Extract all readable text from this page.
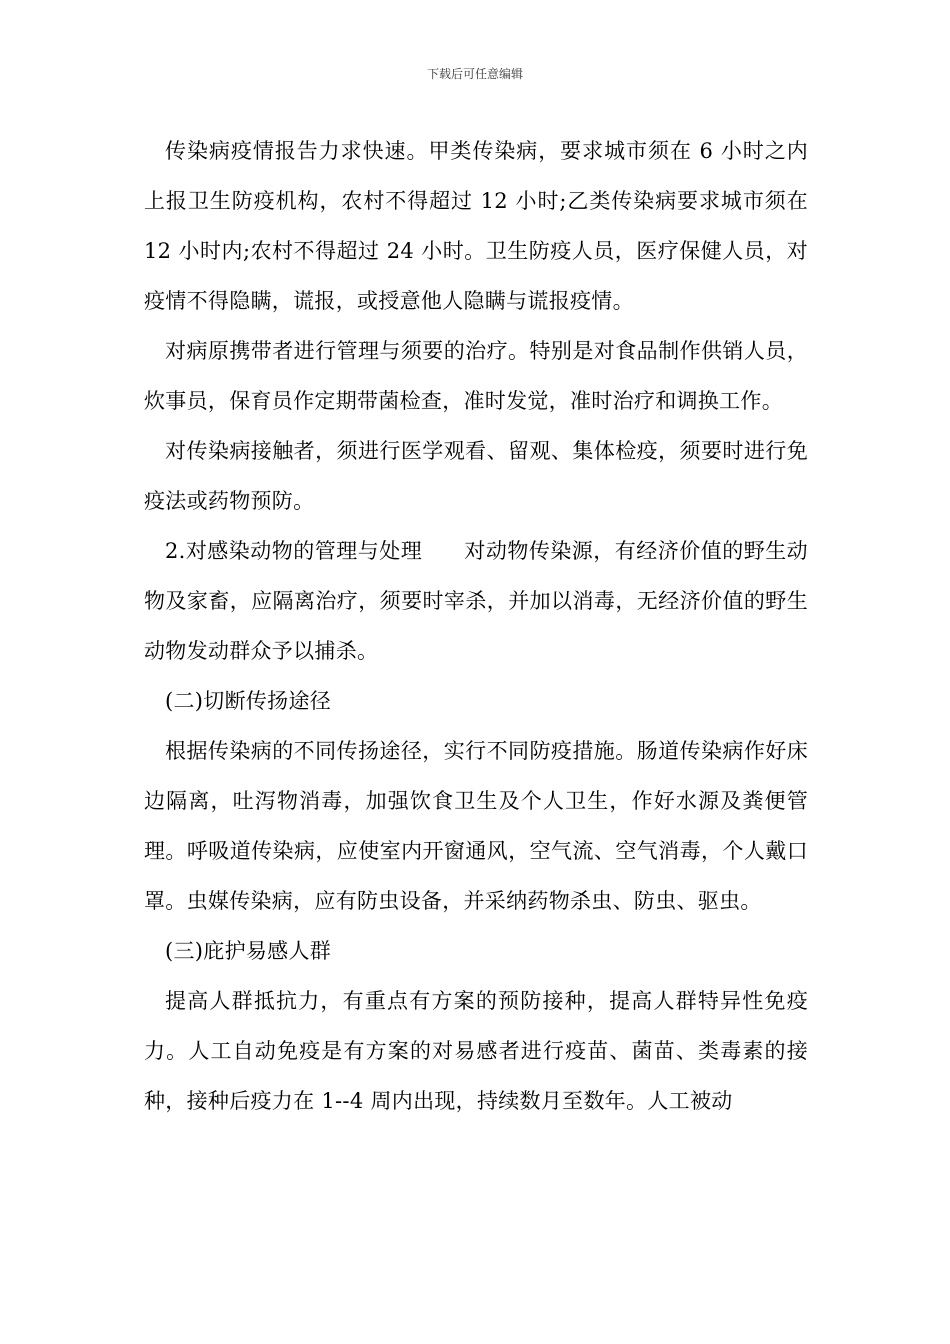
下载后可任意编辑

传染病疫情报告力求快速。甲类传染病，要求城市须在 6 小时之内上报卫生防疫机构，农村不得超过 12 小时;乙类传染病要求城市须在 12 小时内;农村不得超过 24 小时。卫生防疫人员，医疗保健人员，对疫情不得隐瞒，谎报，或授意他人隐瞒与谎报疫情。

对病原携带者进行管理与须要的治疗。特别是对食品制作供销人员，炊事员，保育员作定期带菌检查，准时发觉，准时治疗和调换工作。

对传染病接触者，须进行医学观看、留观、集体检疫，须要时进行免疫法或药物预防。

2.对感染动物的管理与处理 对动物传染源，有经济价值的野生动物及家畜，应隔离治疗，须要时宰杀，并加以消毒，无经济价值的野生动物发动群众予以捕杀。

(二)切断传扬途径

根据传染病的不同传扬途径，实行不同防疫措施。肠道传染病作好床边隔离，吐泻物消毒，加强饮食卫生及个人卫生，作好水源及粪便管理。呼吸道传染病，应使室内开窗通风，空气流、空气消毒，个人戴口罩。虫媒传染病，应有防虫设备，并采纳药物杀虫、防虫、驱虫。

(三)庇护易感人群

提高人群抵抗力，有重点有方案的预防接种，提高人群特异性免疫力。人工自动免疫是有方案的对易感者进行疫苗、菌苗、类毒素的接种，接种后疫力在 1--4 周内出现，持续数月至数年。人工被动
